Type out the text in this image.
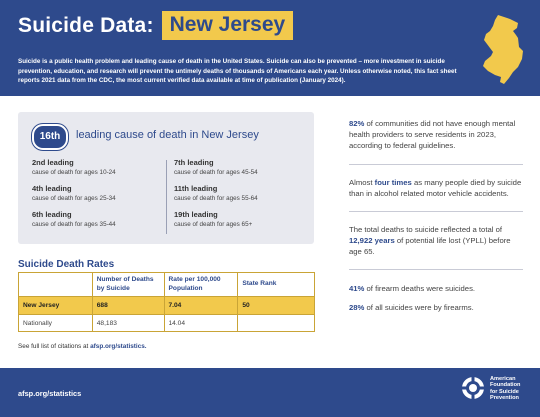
Suicide Data: New Jersey
Suicide is a public health problem and leading cause of death in the United States. Suicide can also be prevented – more investment in suicide prevention, education, and research will prevent the untimely deaths of thousands of Americans each year. Unless otherwise noted, this fact sheet reports 2021 data from the CDC, the most current verified data available at time of publication (January 2024).
16th	leading cause of death in New Jersey
2nd leading
cause of death for ages 10-24
4th leading
cause of death for ages 25-34
6th leading
cause of death for ages 35-44
7th leading
cause of death for ages 45-54
11th leading
cause of death for ages 55-64
19th leading
cause of death for ages 65+
Suicide Death Rates
	Number of Deaths by Suicide	Rate per 100,000 Population	State Rank
New Jersey	688	7.04	50
Nationally	48,183	14.04	
See full list of citations at afsp.org/statistics.
82% of communities did not have enough mental health providers to serve residents in 2023, according to federal guidelines.
Almost four times as many people died by suicide than in alcohol related motor vehicle accidents.
The total deaths to suicide reflected a total of 12,922 years of potential life lost (YPLL) before age 65.
41% of firearm deaths were suicides.
28% of all suicides were by firearms.
afsp.org/statistics
American
Foundation
for Suicide
Prevention
